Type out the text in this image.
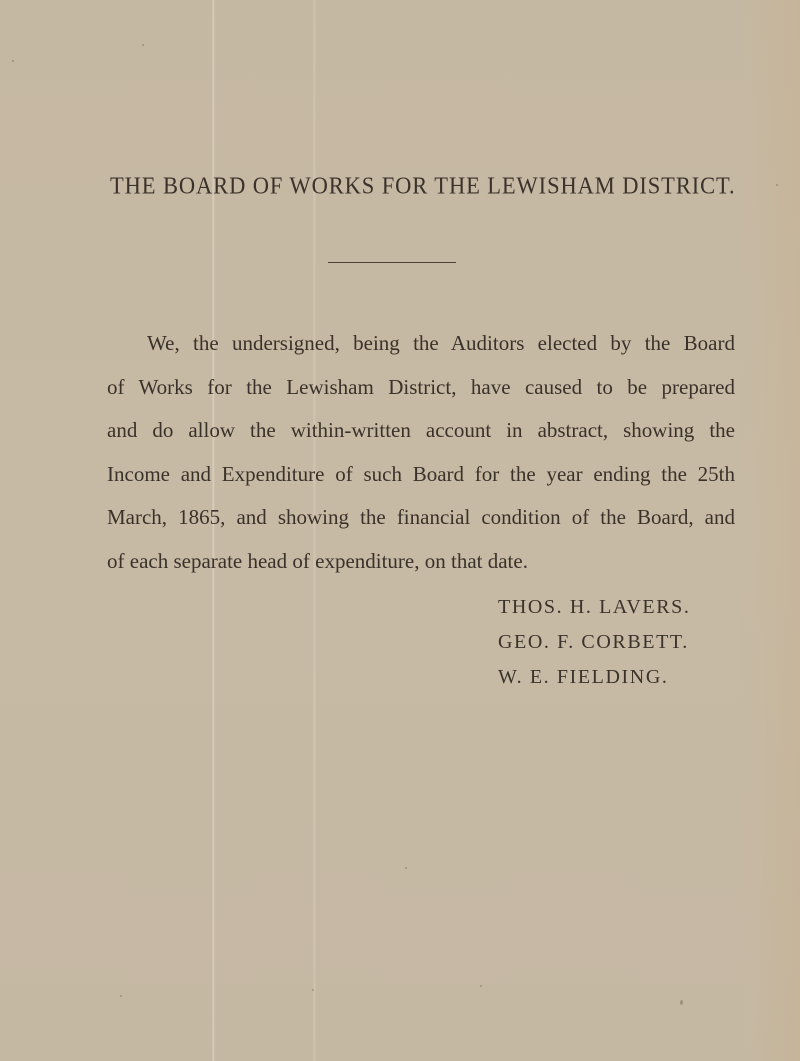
THE BOARD OF WORKS FOR THE LEWISHAM DISTRICT.
We, the undersigned, being the Auditors elected by the Board
of Works for the Lewisham District, have caused to be prepared
and do allow the within-written account in abstract, showing the
Income and Expenditure of such Board for the year ending the 25th
March, 1865, and showing the financial condition of the Board, and
of each separate head of expenditure, on that date.
THOS. H. LAVERS.
GEO. F. CORBETT.
W. E. FIELDING.
